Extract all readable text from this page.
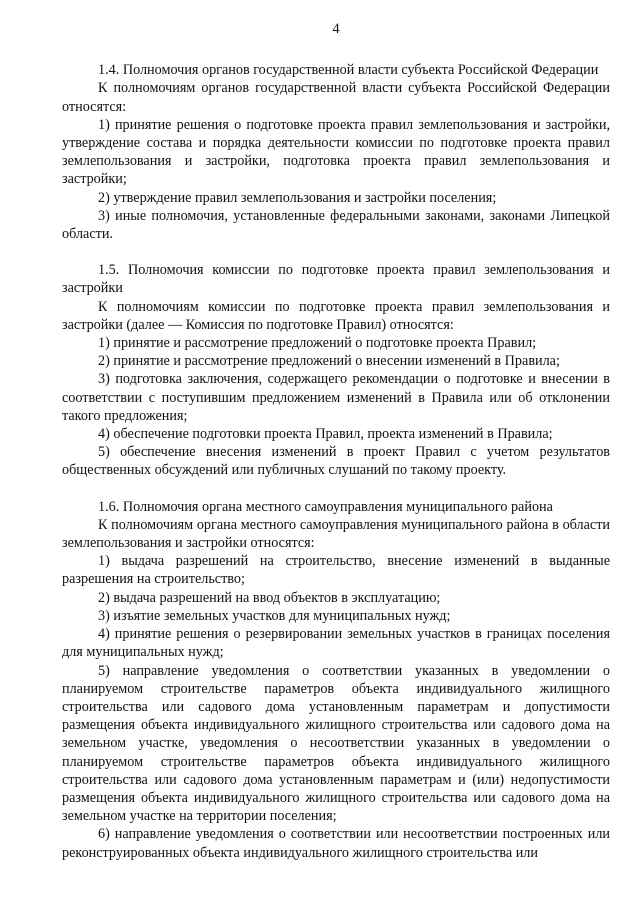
4

1.4. Полномочия органов государственной власти субъекта Российской Федерации

К полномочиям органов государственной власти субъекта Российской Федерации относятся:

1) принятие решения о подготовке проекта правил землепользования и застройки, утверждение состава и порядка деятельности комиссии по подготовке проекта правил землепользования и застройки, подготовка проекта правил землепользования и застройки;

2) утверждение правил землепользования и застройки поселения;

3) иные полномочия, установленные федеральными законами, законами Липецкой области.

1.5. Полномочия комиссии по подготовке проекта правил землепользования и застройки

К полномочиям комиссии по подготовке проекта правил землепользования и застройки (далее — Комиссия по подготовке Правил) относятся:

1) принятие и рассмотрение предложений о подготовке проекта Правил;

2) принятие и рассмотрение предложений о внесении изменений в Правила;

3) подготовка заключения, содержащего рекомендации о подготовке и внесении в соответствии с поступившим предложением изменений в Правила или об отклонении такого предложения;

4) обеспечение подготовки проекта Правил, проекта изменений в Правила;

5) обеспечение внесения изменений в проект Правил с учетом результатов общественных обсуждений или публичных слушаний по такому проекту.

1.6. Полномочия органа местного самоуправления муниципального района

К полномочиям органа местного самоуправления муниципального района в области землепользования и застройки относятся:

1) выдача разрешений на строительство, внесение изменений в выданные разрешения на строительство;

2) выдача разрешений на ввод объектов в эксплуатацию;

3) изъятие земельных участков для муниципальных нужд;

4) принятие решения о резервировании земельных участков в границах поселения для муниципальных нужд;

5) направление уведомления о соответствии указанных в уведомлении о планируемом строительстве параметров объекта индивидуального жилищного строительства или садового дома установленным параметрам и допустимости размещения объекта индивидуального жилищного строительства или садового дома на земельном участке, уведомления о несоответствии указанных в уведомлении о планируемом строительстве параметров объекта индивидуального жилищного строительства или садового дома установленным параметрам и (или) недопустимости размещения объекта индивидуального жилищного строительства или садового дома на земельном участке на территории поселения;

6) направление уведомления о соответствии или несоответствии построенных или реконструированных объекта индивидуального жилищного строительства или
